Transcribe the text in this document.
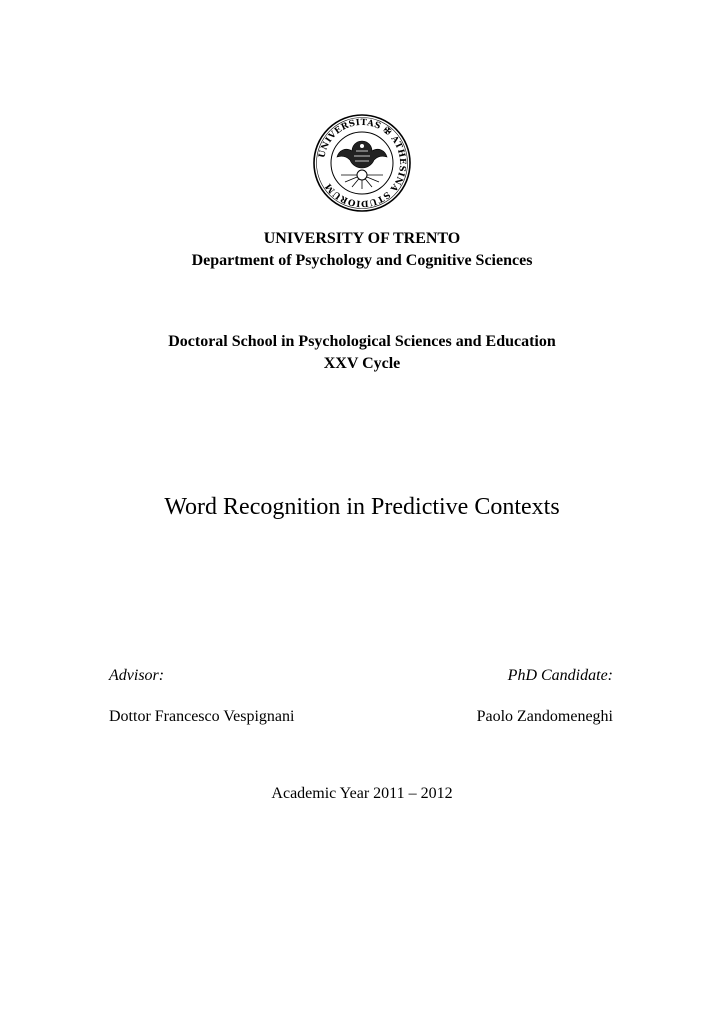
UNIVERSITAS ✠ ATHESINA STUDIORUM
UNIVERSITY OF TRENTO
Department of Psychology and Cognitive Sciences
Doctoral School in Psychological Sciences and Education
XXV Cycle
Word Recognition in Predictive Contexts
Advisor:	PhD Candidate:
Dottor Francesco Vespignani	Paolo Zandomeneghi
Academic Year 2011 – 2012
